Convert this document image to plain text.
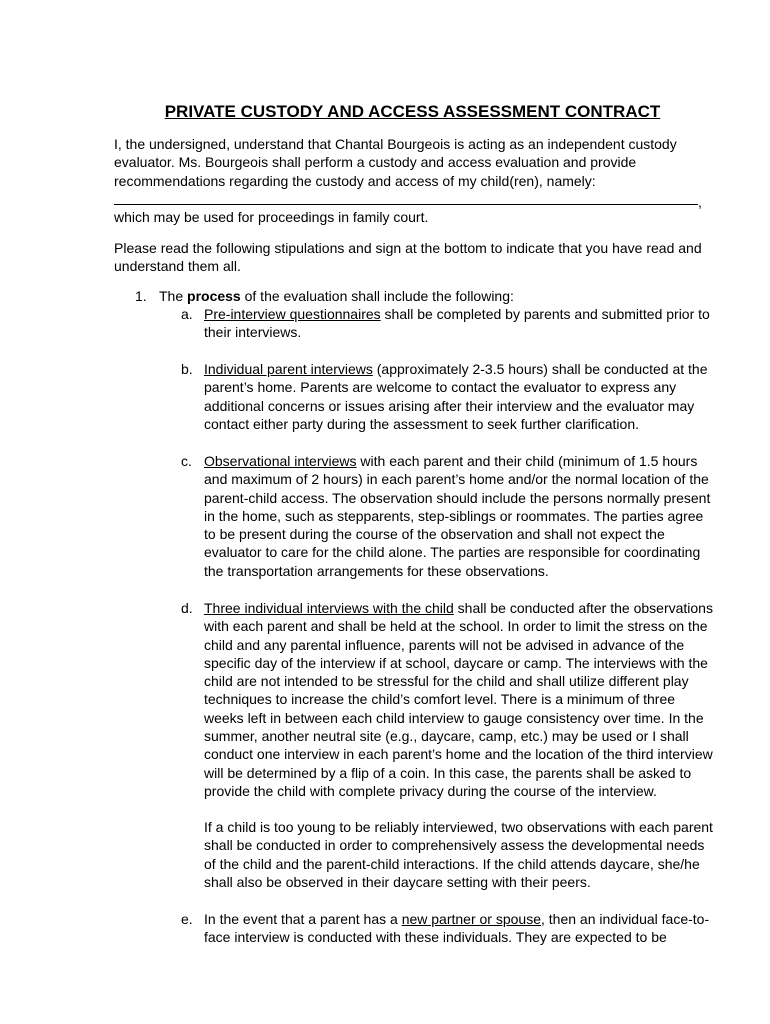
PRIVATE CUSTODY AND ACCESS ASSESSMENT CONTRACT
I, the undersigned, understand that Chantal Bourgeois is acting as an independent custody evaluator. Ms. Bourgeois shall perform a custody and access evaluation and provide recommendations regarding the custody and access of my child(ren), namely:
,
which may be used for proceedings in family court.
Please read the following stipulations and sign at the bottom to indicate that you have read and understand them all.
1. The process of the evaluation shall include the following:
a. Pre-interview questionnaires shall be completed by parents and submitted prior to their interviews.
b. Individual parent interviews (approximately 2-3.5 hours) shall be conducted at the parent’s home. Parents are welcome to contact the evaluator to express any additional concerns or issues arising after their interview and the evaluator may contact either party during the assessment to seek further clarification.
c. Observational interviews with each parent and their child (minimum of 1.5 hours and maximum of 2 hours) in each parent’s home and/or the normal location of the parent-child access. The observation should include the persons normally present in the home, such as stepparents, step-siblings or roommates. The parties agree to be present during the course of the observation and shall not expect the evaluator to care for the child alone. The parties are responsible for coordinating the transportation arrangements for these observations.
d. Three individual interviews with the child shall be conducted after the observations with each parent and shall be held at the school. In order to limit the stress on the child and any parental influence, parents will not be advised in advance of the specific day of the interview if at school, daycare or camp. The interviews with the child are not intended to be stressful for the child and shall utilize different play techniques to increase the child’s comfort level. There is a minimum of three weeks left in between each child interview to gauge consistency over time. In the summer, another neutral site (e.g., daycare, camp, etc.) may be used or I shall conduct one interview in each parent’s home and the location of the third interview will be determined by a flip of a coin. In this case, the parents shall be asked to provide the child with complete privacy during the course of the interview.
If a child is too young to be reliably interviewed, two observations with each parent shall be conducted in order to comprehensively assess the developmental needs of the child and the parent-child interactions. If the child attends daycare, she/he shall also be observed in their daycare setting with their peers.
e. In the event that a parent has a new partner or spouse, then an individual face-to-face interview is conducted with these individuals. They are expected to be
